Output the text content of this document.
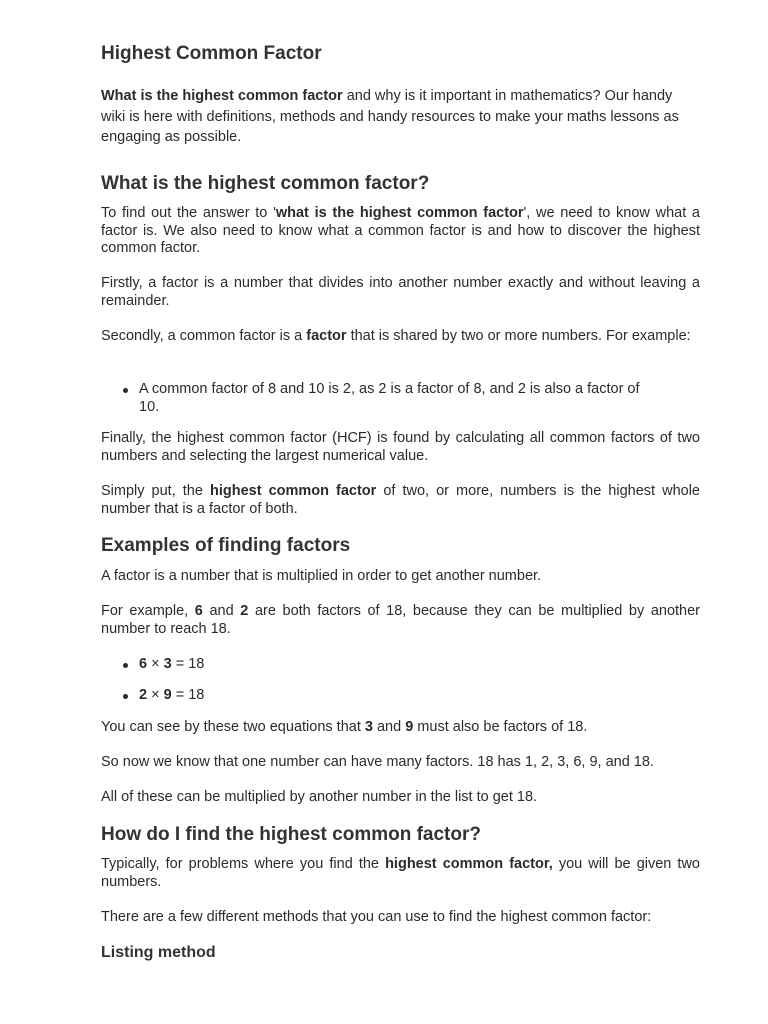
Highest Common Factor

What is the highest common factor and why is it important in mathematics? Our handy wiki is here with definitions, methods and handy resources to make your maths lessons as engaging as possible.

What is the highest common factor?

To find out the answer to 'what is the highest common factor', we need to know what a factor is. We also need to know what a common factor is and how to discover the highest common factor.

Firstly, a factor is a number that divides into another number exactly and without leaving a remainder.

Secondly, a common factor is a factor that is shared by two or more numbers. For example:

A common factor of 8 and 10 is 2, as 2 is a factor of 8, and 2 is also a factor of 10.

Finally, the highest common factor (HCF) is found by calculating all common factors of two numbers and selecting the largest numerical value.

Simply put, the highest common factor of two, or more, numbers is the highest whole number that is a factor of both.

Examples of finding factors

A factor is a number that is multiplied in order to get another number.

For example, 6 and 2 are both factors of 18, because they can be multiplied by another number to reach 18.

6 × 3 = 18
2 × 9 = 18

You can see by these two equations that 3 and 9 must also be factors of 18.

So now we know that one number can have many factors. 18 has 1, 2, 3, 6, 9, and 18.

All of these can be multiplied by another number in the list to get 18.

How do I find the highest common factor?

Typically, for problems where you find the highest common factor, you will be given two numbers.

There are a few different methods that you can use to find the highest common factor:

Listing method
